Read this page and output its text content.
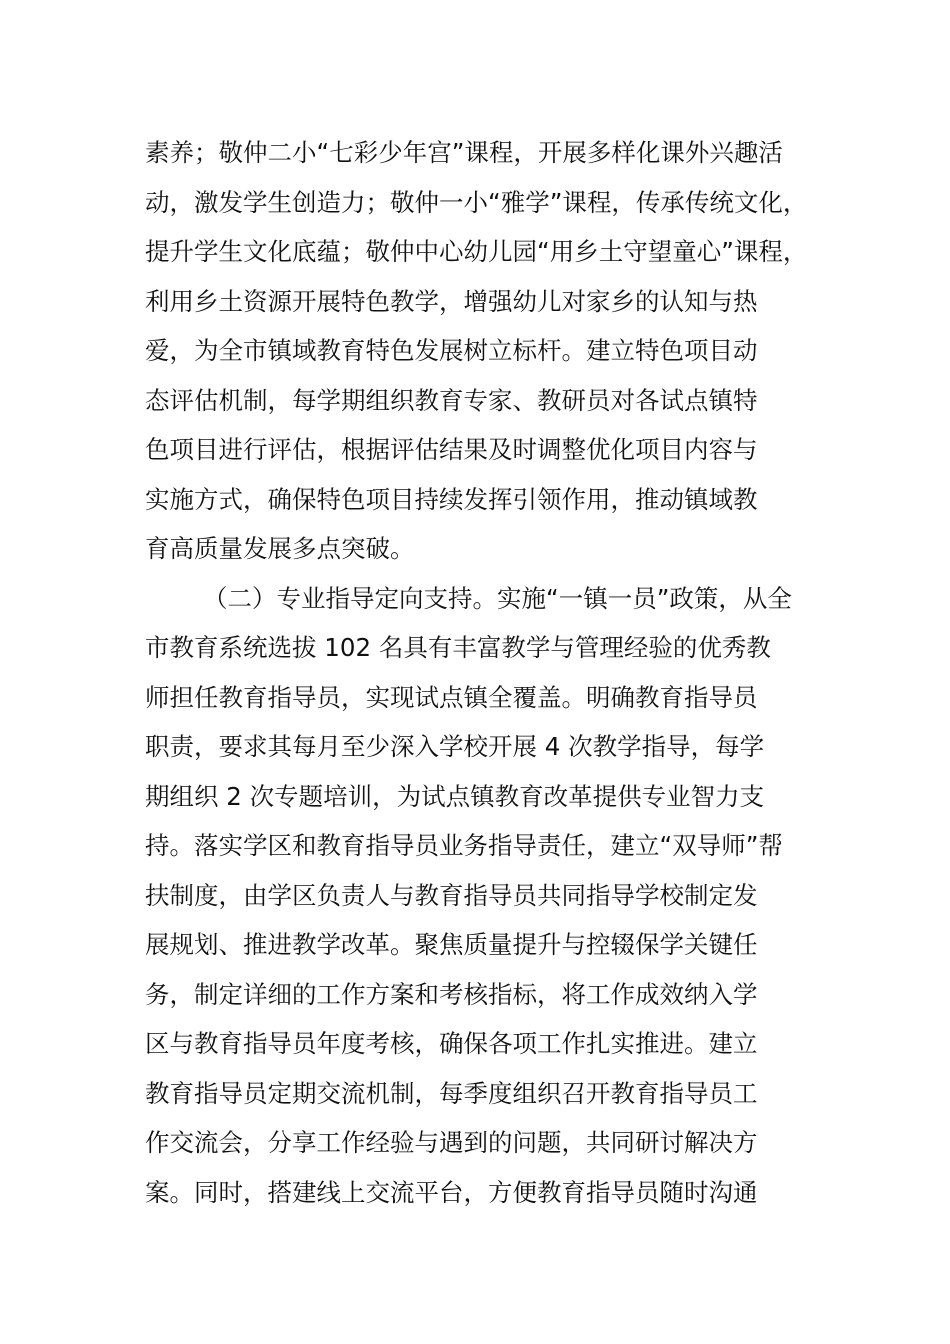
素养；敬仲二小“七彩少年宫”课程，开展多样化课外兴趣活
动，激发学生创造力；敬仲一小“雅学”课程，传承传统文化，
提升学生文化底蕴；敬仲中心幼儿园“用乡土守望童心”课程，
利用乡土资源开展特色教学，增强幼儿对家乡的认知与热
爱，为全市镇域教育特色发展树立标杆。建立特色项目动
态评估机制，每学期组织教育专家、教研员对各试点镇特
色项目进行评估，根据评估结果及时调整优化项目内容与
实施方式，确保特色项目持续发挥引领作用，推动镇域教
育高质量发展多点突破。
（二）专业指导定向支持。实施“一镇一员”政策，从全
市教育系统选拔 102 名具有丰富教学与管理经验的优秀教
师担任教育指导员，实现试点镇全覆盖。明确教育指导员
职责，要求其每月至少深入学校开展 4 次教学指导，每学
期组织 2 次专题培训，为试点镇教育改革提供专业智力支
持。落实学区和教育指导员业务指导责任，建立“双导师”帮
扶制度，由学区负责人与教育指导员共同指导学校制定发
展规划、推进教学改革。聚焦质量提升与控辍保学关键任
务，制定详细的工作方案和考核指标，将工作成效纳入学
区与教育指导员年度考核，确保各项工作扎实推进。建立
教育指导员定期交流机制，每季度组织召开教育指导员工
作交流会，分享工作经验与遇到的问题，共同研讨解决方
案。同时，搭建线上交流平台，方便教育指导员随时沟通
